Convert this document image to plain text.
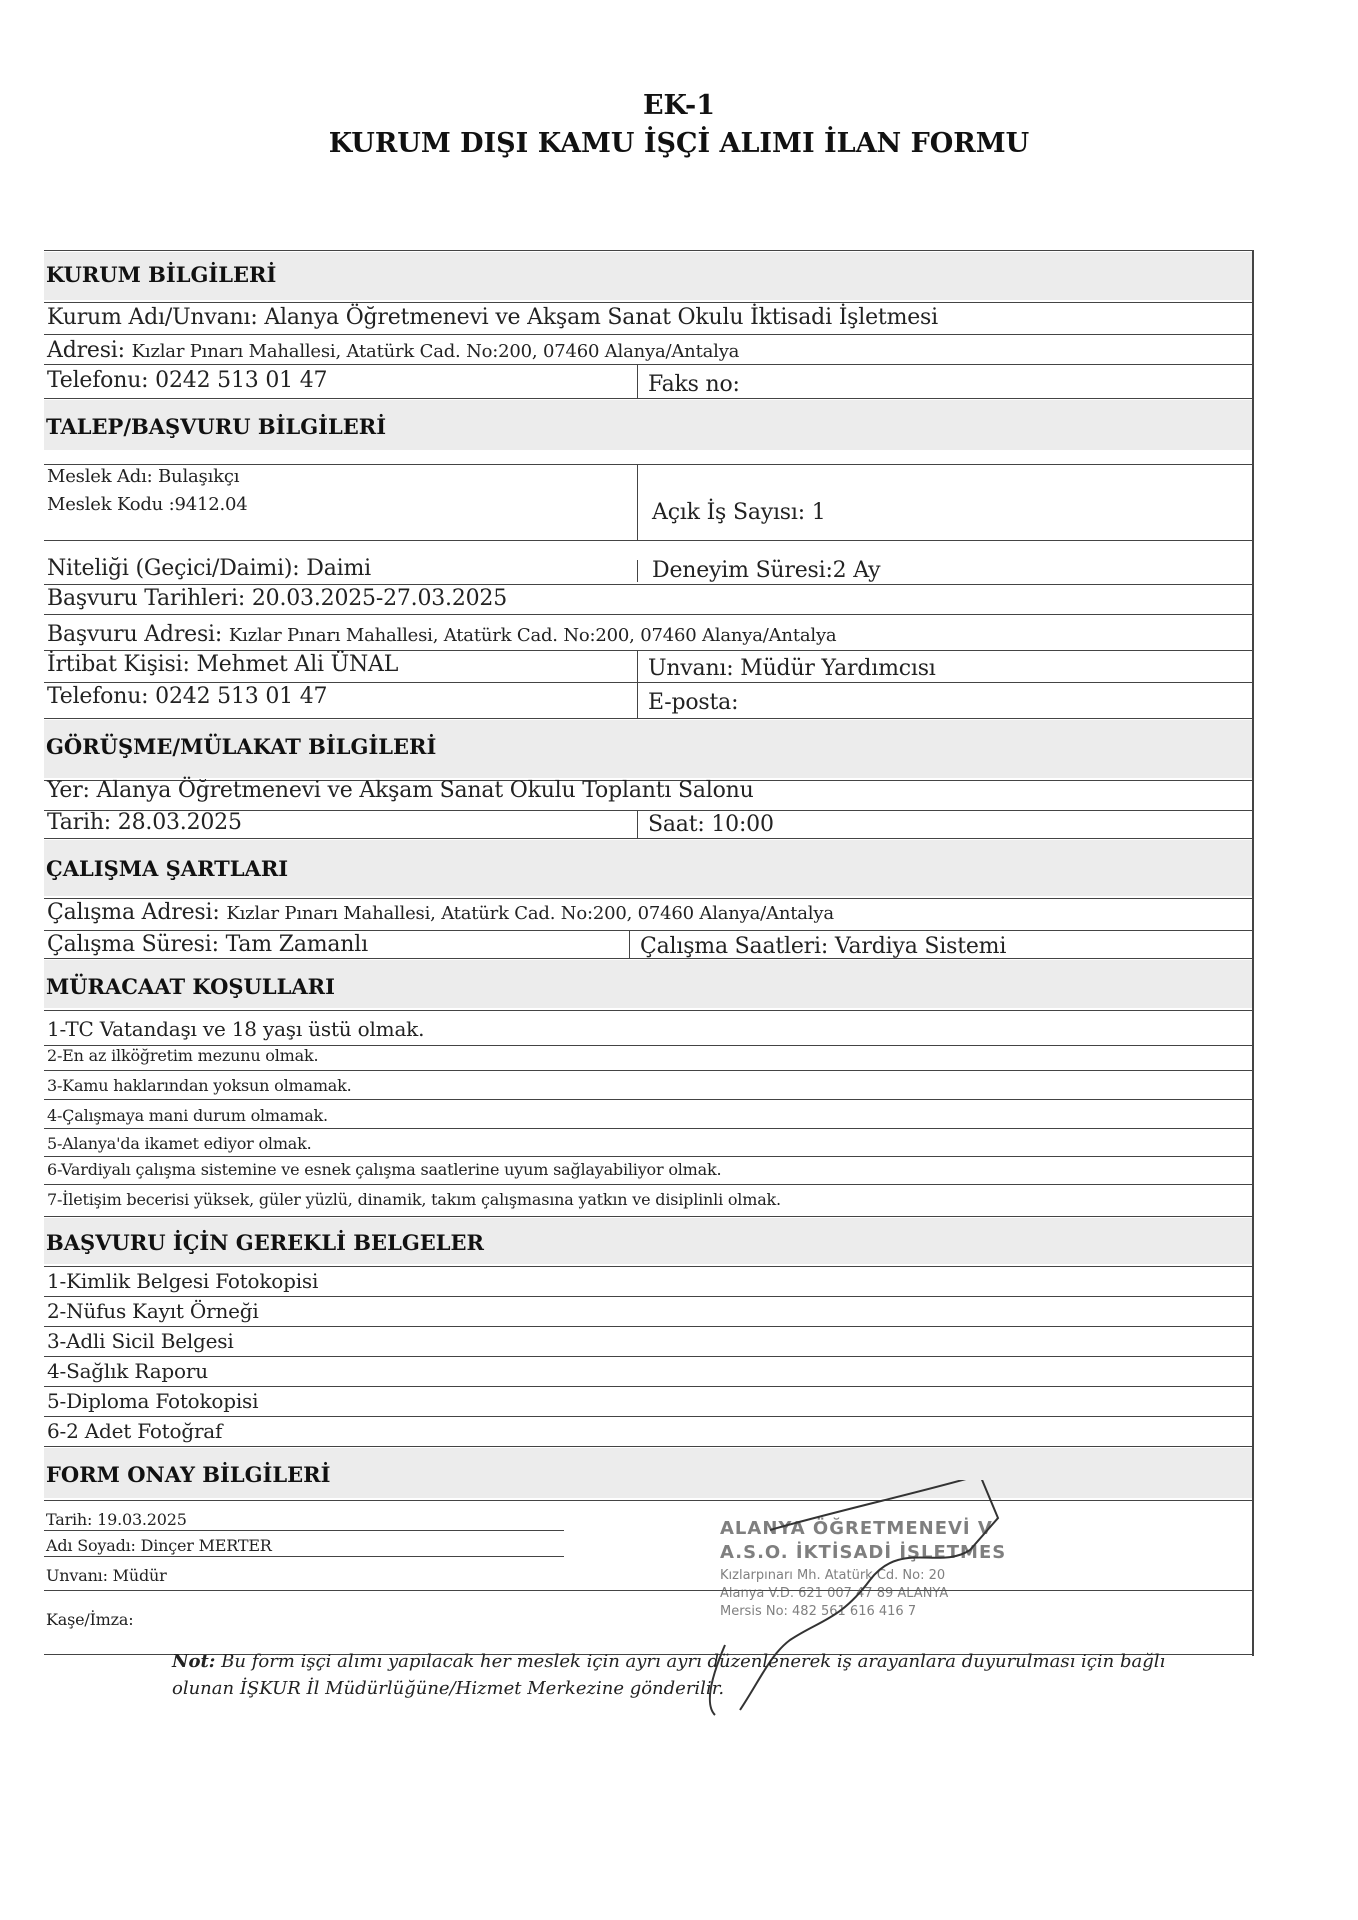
EK-1
KURUM DIŞI KAMU İŞÇİ ALIMI İLAN FORMU
KURUM BİLGİLERİ
Kurum Adı/Unvanı: Alanya Öğretmenevi ve Akşam Sanat Okulu İktisadi İşletmesi
Adresi: Kızlar Pınarı Mahallesi, Atatürk Cad. No:200, 07460 Alanya/Antalya
Telefonu: 0242 513 01 47	Faks no:
TALEP/BAŞVURU BİLGİLERİ
Meslek Adı: Bulaşıkçı
Meslek Kodu :9412.04	Açık İş Sayısı: 1
Niteliği (Geçici/Daimi): Daimi	Deneyim Süresi:2 Ay
Başvuru Tarihleri: 20.03.2025-27.03.2025
Başvuru Adresi: Kızlar Pınarı Mahallesi, Atatürk Cad. No:200, 07460 Alanya/Antalya
İrtibat Kişisi: Mehmet Ali ÜNAL	Unvanı: Müdür Yardımcısı
Telefonu: 0242 513 01 47	E-posta:
GÖRÜŞME/MÜLAKAT BİLGİLERİ
Yer: Alanya Öğretmenevi ve Akşam Sanat Okulu Toplantı Salonu
Tarih: 28.03.2025	Saat: 10:00
ÇALIŞMA ŞARTLARI
Çalışma Adresi: Kızlar Pınarı Mahallesi, Atatürk Cad. No:200, 07460 Alanya/Antalya
Çalışma Süresi: Tam Zamanlı	Çalışma Saatleri: Vardiya Sistemi
MÜRACAAT KOŞULLARI
1-TC Vatandaşı ve 18 yaşı üstü olmak.
2-En az ilköğretim mezunu olmak.
3-Kamu haklarından yoksun olmamak.
4-Çalışmaya mani durum olmamak.
5-Alanya'da ikamet ediyor olmak.
6-Vardiyalı çalışma sistemine ve esnek çalışma saatlerine uyum sağlayabiliyor olmak.
7-İletişim becerisi yüksek, güler yüzlü, dinamik, takım çalışmasına yatkın ve disiplinli olmak.
BAŞVURU İÇİN GEREKLİ BELGELER
1-Kimlik Belgesi Fotokopisi
2-Nüfus Kayıt Örneği
3-Adli Sicil Belgesi
4-Sağlık Raporu
5-Diploma Fotokopisi
6-2 Adet Fotoğraf
FORM ONAY BİLGİLERİ
Tarih: 19.03.2025
Adı Soyadı: Dinçer MERTER
Unvanı: Müdür
Kaşe/İmza:
ALANYA ÖĞRETMENEVİ V
A.S.O. İKTİSADİ İŞLETMES
Kızlarpınarı Mh. Atatürk Cd. No: 20
Alanya V.D. 621 007 47 89 ALANYA
Mersis No: 482 561 616 416 7
Not: Bu form işçi alımı yapılacak her meslek için ayrı ayrı düzenlenerek iş arayanlara duyurulması için bağlı olunan İŞKUR İl Müdürlüğüne/Hizmet Merkezine gönderilir.
